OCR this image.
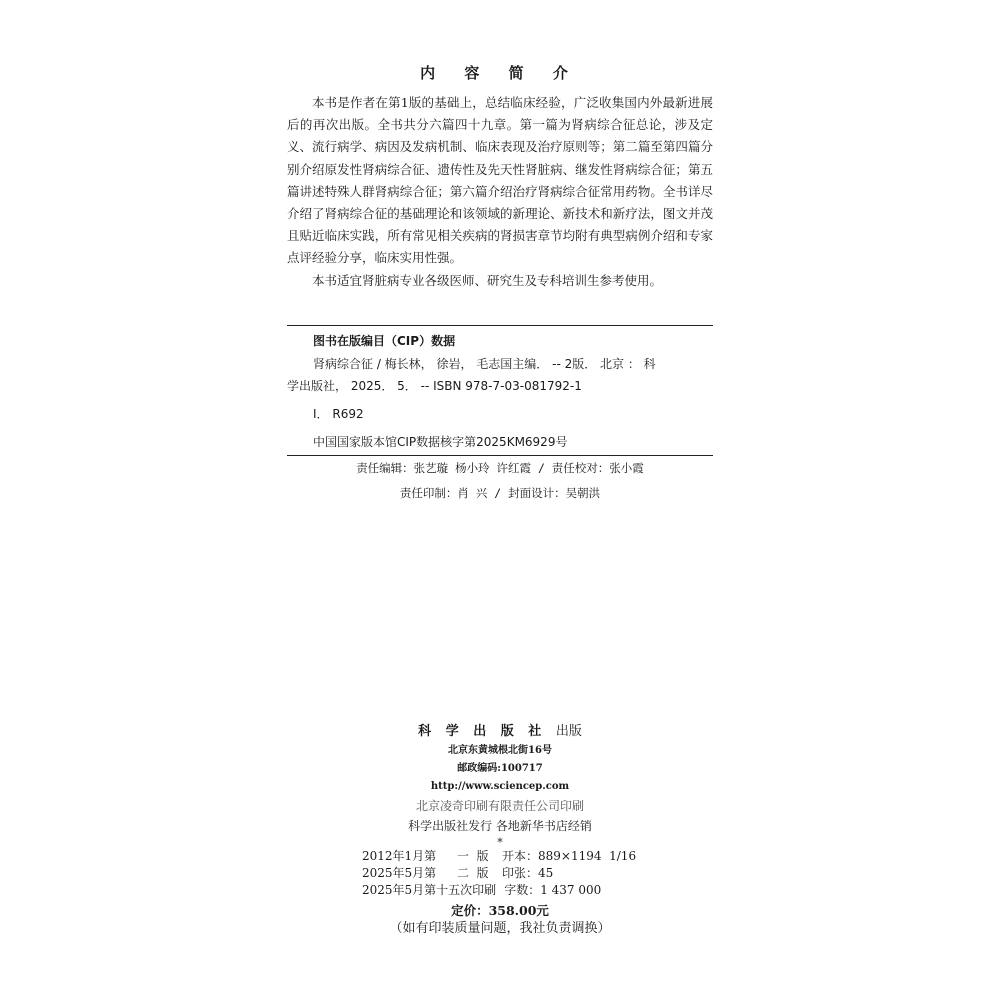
内 容 简 介

本书是作者在第1版的基础上，总结临床经验，广泛收集国内外最新进展后的再次出版。全书共分六篇四十九章。第一篇为肾病综合征总论，涉及定义、流行病学、病因及发病机制、临床表现及治疗原则等；第二篇至第四篇分别介绍原发性肾病综合征、遗传性及先天性肾脏病、继发性肾病综合征；第五篇讲述特殊人群肾病综合征；第六篇介绍治疗肾病综合征常用药物。全书详尽介绍了肾病综合征的基础理论和该领域的新理论、新技术和新疗法，图文并茂且贴近临床实践，所有常见相关疾病的肾损害章节均附有典型病例介绍和专家点评经验分享，临床实用性强。

本书适宜肾脏病专业各级医师、研究生及专科培训生参考使用。

图书在版编目（CIP）数据
肾病综合征 / 梅长林， 徐岩， 毛志国主编． -- 2版． 北京 ： 科
学出版社， 2025． 5． -- ISBN 978-7-03-081792-1
Ⅰ． R692
中国国家版本馆CIP数据核字第2025KM6929号
责任编辑：张艺璇 杨小玲 许红霞 / 责任校对：张小霞
责任印制：肖 兴 / 封面设计：吴朝洪
科 学 出 版 社 出版
北京东黄城根北街16号
邮政编码:100717
http://www.sciencep.com
北京凌奇印刷有限责任公司印刷
科学出版社发行 各地新华书店经销
*
2012年1月第 一  版 开本：889×1194  1/16
2025年5月第 二  版 印张：45
2025年5月第十五次印刷 字数：1 437 000
定价：358.00元
（如有印装质量问题，我社负责调换）
